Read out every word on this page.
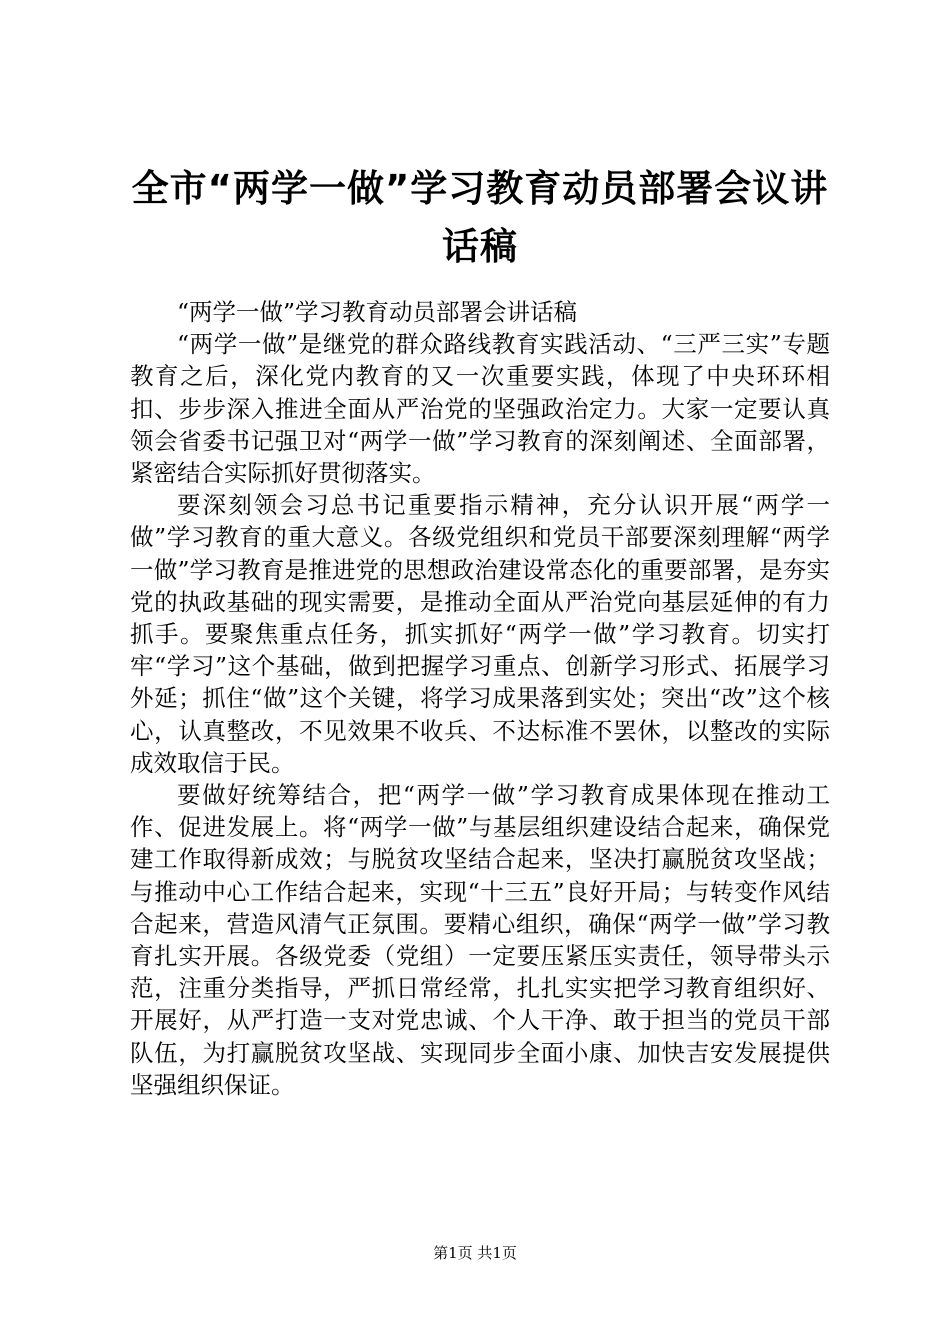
全市“两学一做”学习教育动员部署会议讲话稿

“两学一做”学习教育动员部署会讲话稿

“两学一做”是继党的群众路线教育实践活动、“三严三实”专题教育之后，深化党内教育的又一次重要实践，体现了中央环环相扣、步步深入推进全面从严治党的坚强政治定力。大家一定要认真领会省委书记强卫对“两学一做”学习教育的深刻阐述、全面部署，紧密结合实际抓好贯彻落实。

要深刻领会习总书记重要指示精神，充分认识开展“两学一做”学习教育的重大意义。各级党组织和党员干部要深刻理解“两学一做”学习教育是推进党的思想政治建设常态化的重要部署，是夯实党的执政基础的现实需要，是推动全面从严治党向基层延伸的有力抓手。要聚焦重点任务，抓实抓好“两学一做”学习教育。切实打牢“学习”这个基础，做到把握学习重点、创新学习形式、拓展学习外延；抓住“做”这个关键，将学习成果落到实处；突出“改”这个核心，认真整改，不见效果不收兵、不达标准不罢休，以整改的实际成效取信于民。

要做好统筹结合，把“两学一做”学习教育成果体现在推动工作、促进发展上。将“两学一做”与基层组织建设结合起来，确保党建工作取得新成效；与脱贫攻坚结合起来，坚决打赢脱贫攻坚战；与推动中心工作结合起来，实现“十三五”良好开局；与转变作风结合起来，营造风清气正氛围。要精心组织，确保“两学一做”学习教育扎实开展。各级党委（党组）一定要压紧压实责任，领导带头示范，注重分类指导，严抓日常经常，扎扎实实把学习教育组织好、开展好，从严打造一支对党忠诚、个人干净、敢于担当的党员干部队伍，为打赢脱贫攻坚战、实现同步全面小康、加快吉安发展提供坚强组织保证。

第1页 共1页
